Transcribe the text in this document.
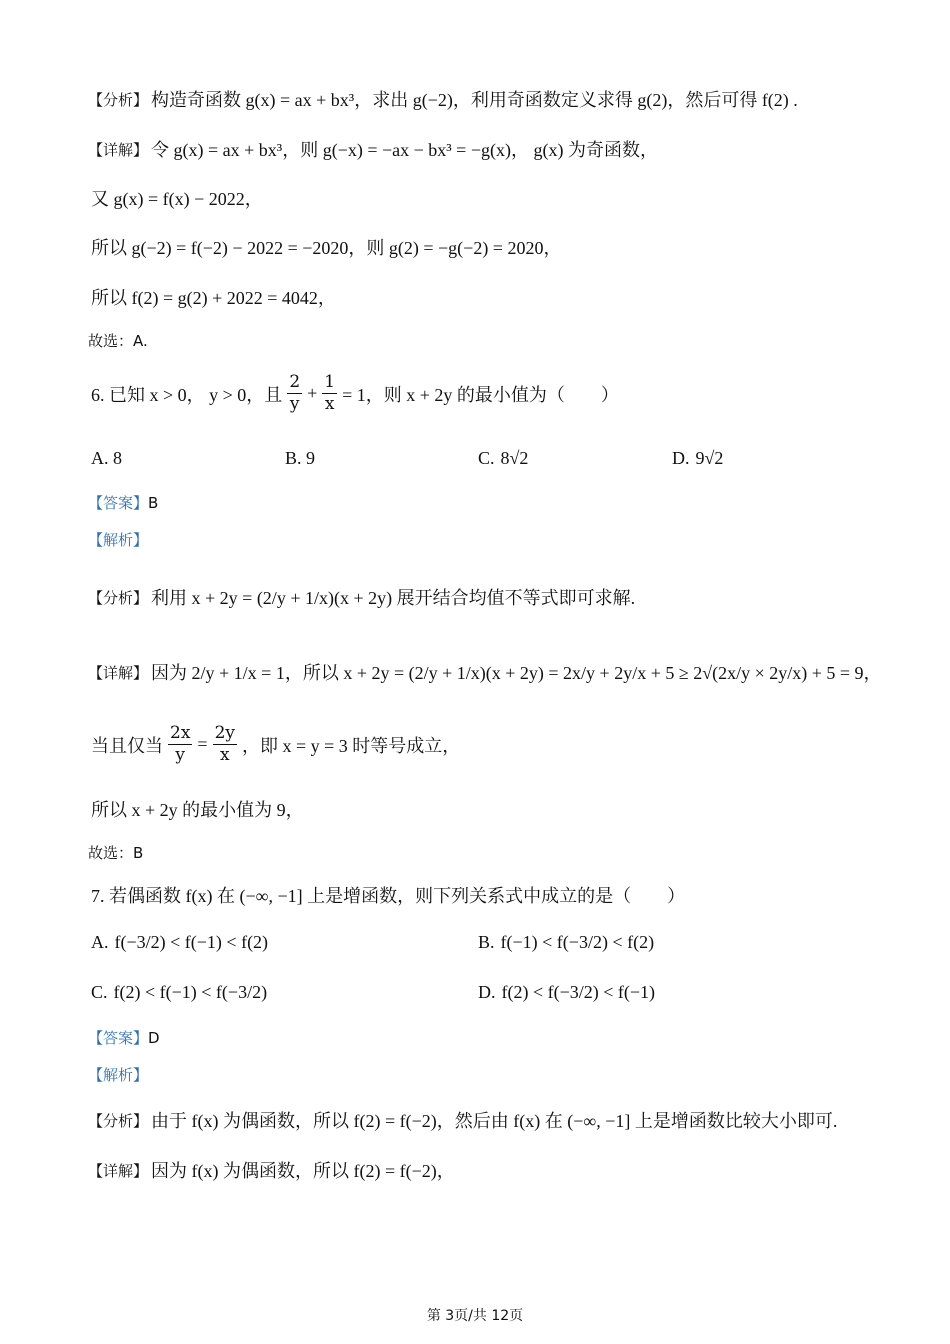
【分析】 构造奇函数 g(x) = ax + bx³，求出 g(−2)，利用奇函数定义求得 g(2)，然后可得 f(2) .
【详解】 令 g(x) = ax + bx³，则 g(−x) = −ax − bx³ = −g(x)， g(x) 为奇函数，
又 g(x) = f(x) − 2022，
所以 g(−2) = f(−2) − 2022 = −2020，则 g(2) = −g(−2) = 2020，
所以 f(2) = g(2) + 2022 = 4042，
故选：A.
6. 已知 x > 0， y > 0，且 $\frac{2}{y} + \frac{1}{x} = 1$，则 x + 2y 的最小值为（　　）
A. 8	B. 9	C. 8√2	D. 9√2
【答案】 B
【解析】
【分析】 利用 x + 2y = (2/y + 1/x)(x + 2y) 展开结合均值不等式即可求解.
【详解】 因为 2/y + 1/x = 1，所以 x + 2y = (2/y + 1/x)(x + 2y) = 2x/y + 2y/x + 5 ≥ 2√(2x/y × 2y/x) + 5 = 9，
当且仅当 $\frac{2x}{y} = \frac{2y}{x}$ ，即 x = y = 3 时等号成立，
所以 x + 2y 的最小值为 9，
故选：B
7. 若偶函数 f(x) 在 (−∞, −1] 上是增函数，则下列关系式中成立的是（　　）
A. f(−3/2) < f(−1) < f(2)	B. f(−1) < f(−3/2) < f(2)
C. f(2) < f(−1) < f(−3/2)	D. f(2) < f(−3/2) < f(−1)
【答案】 D
【解析】
【分析】 由于 f(x) 为偶函数，所以 f(2) = f(−2)，然后由 f(x) 在 (−∞, −1] 上是增函数比较大小即可.
【详解】 因为 f(x) 为偶函数，所以 f(2) = f(−2)，
第 3页/共 12页
